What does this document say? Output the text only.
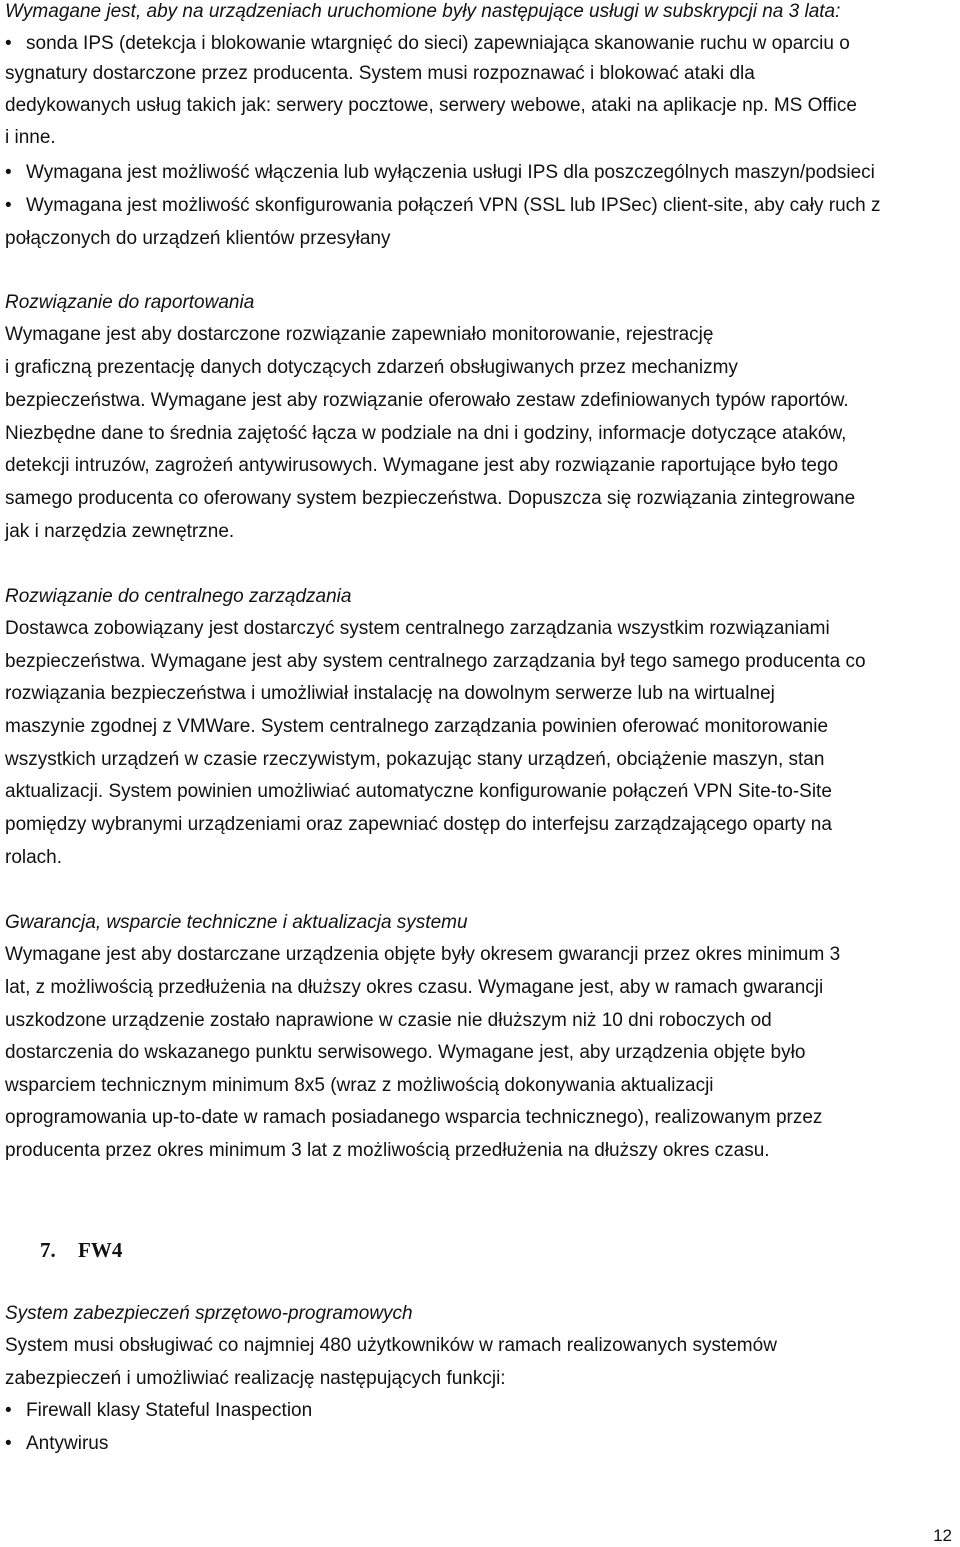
Wymagane jest, aby na urządzeniach uruchomione były następujące usługi w subskrypcji na 3 lata:
• sonda IPS (detekcja i blokowanie wtargnięć do sieci) zapewniająca skanowanie ruchu w oparciu o
sygnatury dostarczone przez producenta. System musi rozpoznawać i blokować ataki dla
dedykowanych usług takich jak: serwery pocztowe, serwery webowe, ataki na aplikacje np. MS Office
i inne.
• Wymagana jest możliwość włączenia lub wyłączenia usługi IPS dla poszczególnych maszyn/podsieci
• Wymagana jest możliwość skonfigurowania połączeń VPN (SSL lub IPSec) client-site, aby cały ruch z
połączonych do urządzeń klientów przesyłany
Rozwiązanie do raportowania
Wymagane jest aby dostarczone rozwiązanie zapewniało monitorowanie, rejestrację
i graficzną prezentację danych dotyczących zdarzeń obsługiwanych przez mechanizmy
bezpieczeństwa. Wymagane jest aby rozwiązanie oferowało zestaw zdefiniowanych typów raportów.
Niezbędne dane to średnia zajętość łącza w podziale na dni i godziny, informacje dotyczące ataków,
detekcji intruzów, zagrożeń antywirusowych. Wymagane jest aby rozwiązanie raportujące było tego
samego producenta co oferowany system bezpieczeństwa. Dopuszcza się rozwiązania zintegrowane
jak i narzędzia zewnętrzne.
Rozwiązanie do centralnego zarządzania
Dostawca zobowiązany jest dostarczyć system centralnego zarządzania wszystkim rozwiązaniami
bezpieczeństwa. Wymagane jest aby system centralnego zarządzania był tego samego producenta co
rozwiązania bezpieczeństwa i umożliwiał instalację na dowolnym serwerze lub na wirtualnej
maszynie zgodnej z VMWare. System centralnego zarządzania powinien oferować monitorowanie
wszystkich urządzeń w czasie rzeczywistym, pokazując stany urządzeń, obciążenie maszyn, stan
aktualizacji. System powinien umożliwiać automatyczne konfigurowanie połączeń VPN Site-to-Site
pomiędzy wybranymi urządzeniami oraz zapewniać dostęp do interfejsu zarządzającego oparty na
rolach.
Gwarancja, wsparcie techniczne i aktualizacja systemu
Wymagane jest aby dostarczane urządzenia objęte były okresem gwarancji przez okres minimum 3
lat, z możliwością przedłużenia na dłuższy okres czasu. Wymagane jest, aby w ramach gwarancji
uszkodzone urządzenie zostało naprawione w czasie nie dłuższym niż 10 dni roboczych od
dostarczenia do wskazanego punktu serwisowego. Wymagane jest, aby urządzenia objęte było
wsparciem technicznym minimum 8x5 (wraz z możliwością dokonywania aktualizacji
oprogramowania up-to-date w ramach posiadanego wsparcia technicznego), realizowanym przez
producenta przez okres minimum 3 lat z możliwością przedłużenia na dłuższy okres czasu.
7. FW4
System zabezpieczeń sprzętowo-programowych
System musi obsługiwać co najmniej 480 użytkowników w ramach realizowanych systemów
zabezpieczeń i umożliwiać realizację następujących funkcji:
• Firewall klasy Stateful Inaspection
• Antywirus
12
